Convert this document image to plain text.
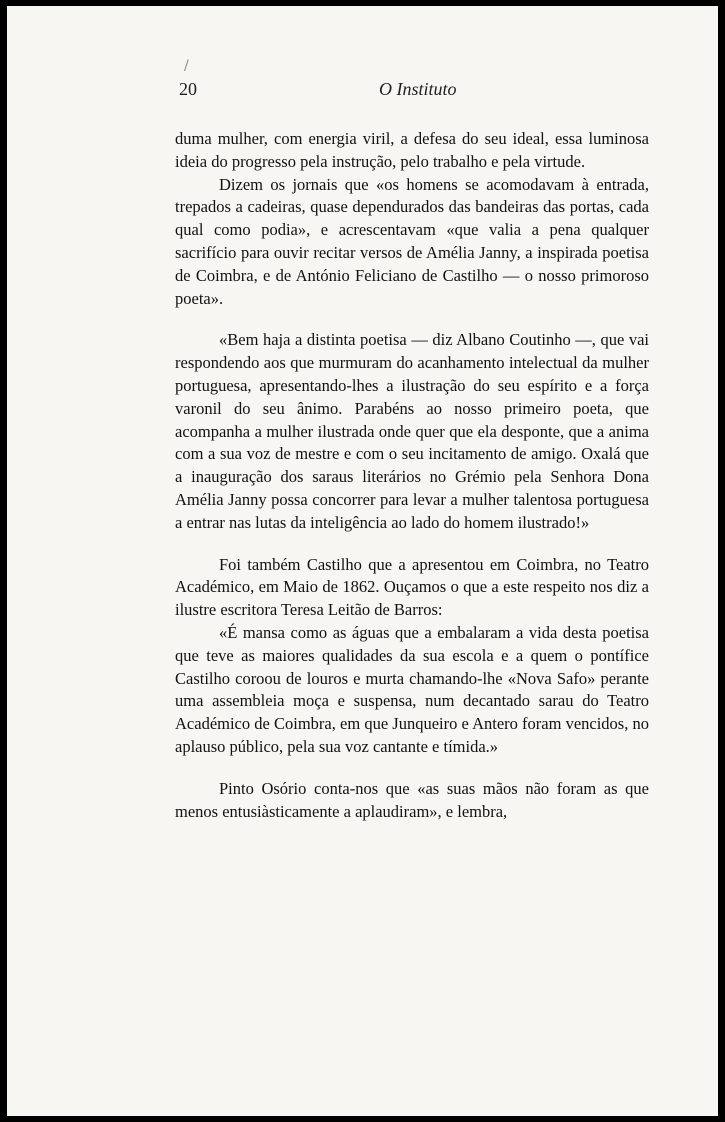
/
20	O Instituto

duma mulher, com energia viril, a defesa do seu ideal, essa luminosa ideia do progresso pela instrução, pelo trabalho e pela virtude.

Dizem os jornais que «os homens se acomodavam à entrada, trepados a cadeiras, quase dependurados das bandeiras das portas, cada qual como podia», e acrescentavam «que valia a pena qualquer sacrifício para ouvir recitar versos de Amélia Janny, a inspirada poetisa de Coimbra, e de António Feliciano de Castilho — o nosso primoroso poeta».

«Bem haja a distinta poetisa — diz Albano Coutinho —, que vai respondendo aos que murmuram do acanhamento intelectual da mulher portuguesa, apresentando-lhes a ilustração do seu espírito e a força varonil do seu ânimo. Parabéns ao nosso primeiro poeta, que acompanha a mulher ilustrada onde quer que ela desponte, que a anima com a sua voz de mestre e com o seu incitamento de amigo. Oxalá que a inauguração dos saraus literários no Grémio pela Senhora Dona Amélia Janny possa concorrer para levar a mulher talentosa portuguesa a entrar nas lutas da inteligência ao lado do homem ilustrado!»

Foi também Castilho que a apresentou em Coimbra, no Teatro Académico, em Maio de 1862. Ouçamos o que a este respeito nos diz a ilustre escritora Teresa Leitão de Barros:

«É mansa como as águas que a embalaram a vida desta poetisa que teve as maiores qualidades da sua escola e a quem o pontífice Castilho coroou de louros e murta chamando-lhe «Nova Safo» perante uma assembleia moça e suspensa, num decantado sarau do Teatro Académico de Coimbra, em que Junqueiro e Antero foram vencidos, no aplauso público, pela sua voz cantante e tímida.»

Pinto Osório conta-nos que «as suas mãos não foram as que menos entusiàsticamente a aplaudiram», e lembra,
